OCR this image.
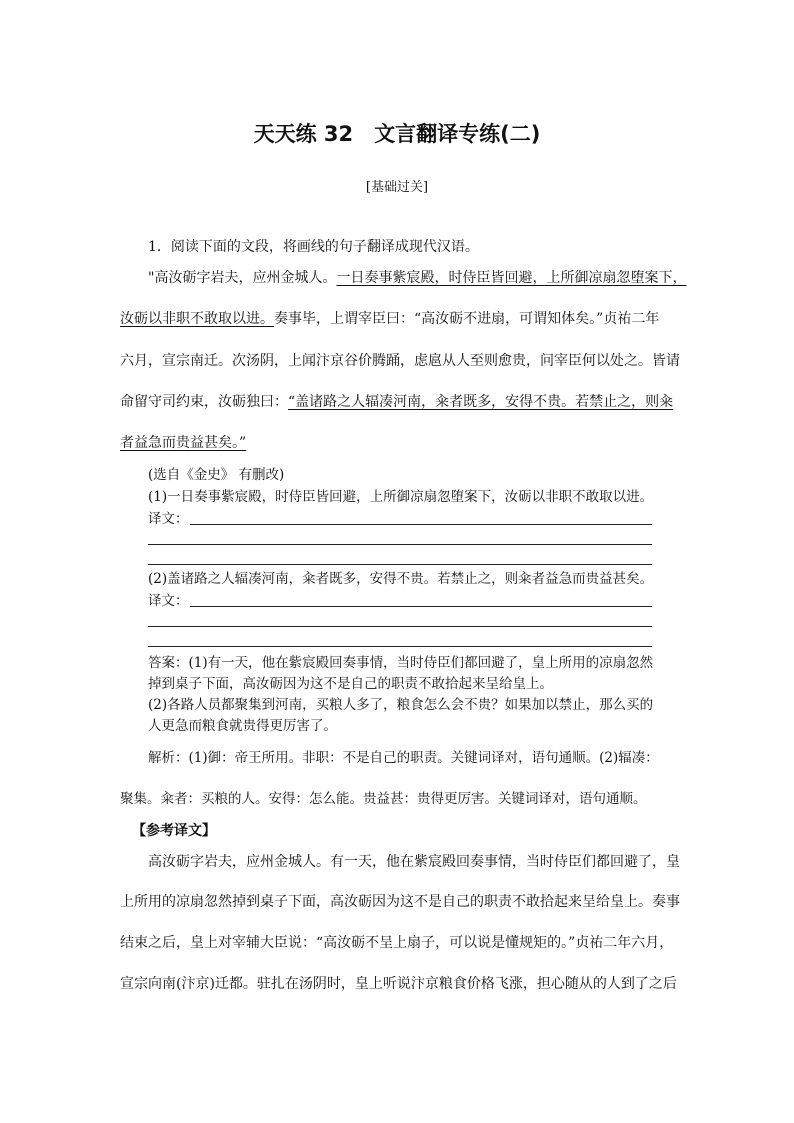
天天练 32　文言翻译专练(二)
[基础过关]
1．阅读下面的文段，将画线的句子翻译成现代汉语。
"高汝砺字岩夫，应州金城人。一日奏事紫宸殿，时侍臣皆回避，上所御凉扇忽堕案下，
汝砺以非职不敢取以进。奏事毕，上谓宰臣曰：“高汝砺不进扇，可谓知体矣。”贞祐二年
六月，宣宗南迁。次汤阴，上闻汴京谷价腾踊，虑扈从人至则愈贵，问宰臣何以处之。皆请
命留守司约束，汝砺独曰：“盖诸路之人辐凑河南，籴者既多，安得不贵。若禁止之，则籴
者益急而贵益甚矣。”
(选自《金史》 有删改)
(1)一日奏事紫宸殿，时侍臣皆回避，上所御凉扇忽堕案下，汝砺以非职不敢取以进。
译文：
(2)盖诸路之人辐凑河南，籴者既多，安得不贵。若禁止之，则籴者益急而贵益甚矣。
译文：
答案：(1)有一天，他在紫宸殿回奏事情，当时侍臣们都回避了，皇上所用的凉扇忽然
掉到桌子下面，高汝砺因为这不是自己的职责不敢拾起来呈给皇上。
(2)各路人员都聚集到河南，买粮人多了，粮食怎么会不贵？如果加以禁止，那么买的
人更急而粮食就贵得更厉害了。
解析：(1)御：帝王所用。非职：不是自己的职责。关键词译对，语句通顺。(2)辐凑：
聚集。籴者：买粮的人。安得：怎么能。贵益甚：贵得更厉害。关键词译对，语句通顺。
【参考译文】
高汝砺字岩夫，应州金城人。有一天，他在紫宸殿回奏事情，当时侍臣们都回避了，皇
上所用的凉扇忽然掉到桌子下面，高汝砺因为这不是自己的职责不敢拾起来呈给皇上。奏事
结束之后，皇上对宰辅大臣说：“高汝砺不呈上扇子，可以说是懂规矩的。”贞祐二年六月，
宣宗向南(汴京)迁都。驻扎在汤阴时，皇上听说汴京粮食价格飞涨，担心随从的人到了之后
